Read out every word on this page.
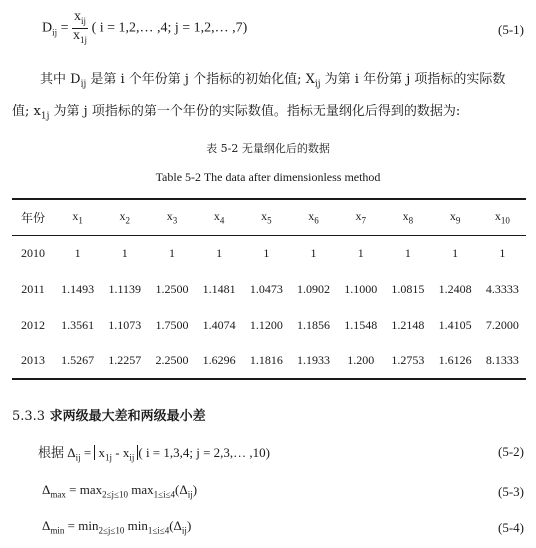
$D_{ij} = \frac{x_{ij}}{x_{1j}}$ ( i = 1,2,… ,4; j = 1,2,… ,7)	(5-1)
其中 $D_{ij}$ 是第 i 个年份第 j 个指标的初始化值; $X_{ij}$ 为第 i 年份第 j 项指标的实际数
值; $x_{1j}$ 为第 j 项指标的第一个年份的实际数值。指标无量纲化后得到的数据为:
表 5-2 无量纲化后的数据
Table 5-2 The data after dimensionless method
年份	$x_1$	$x_2$	$x_3$	$x_4$	$x_5$	$x_6$	$x_7$	$x_8$	$x_9$	$x_{10}$
2010	1	1	1	1	1	1	1	1	1	1
2011	1.1493	1.1139	1.2500	1.1481	1.0473	1.0902	1.1000	1.0815	1.2408	4.3333
2012	1.3561	1.1073	1.7500	1.4074	1.1200	1.1856	1.1548	1.2148	1.4105	7.2000
2013	1.5267	1.2257	2.2500	1.6296	1.1816	1.1933	1.200	1.2753	1.6126	8.1333
5.3.3 求两级最大差和两级最小差
根据 $\Delta_{ij} = x_{1j} - x_{ij}$ ( i = 1,3,4; j = 2,3,… ,10)	(5-2)
$\Delta_{max} = \max_{2\le j\le 10} \max_{1\le i\le 4}(\Delta_{ij})$	(5-3)
$\Delta_{min} = \min_{2\le j\le 10} \min_{1\le i\le 4}(\Delta_{ij})$	(5-4)
